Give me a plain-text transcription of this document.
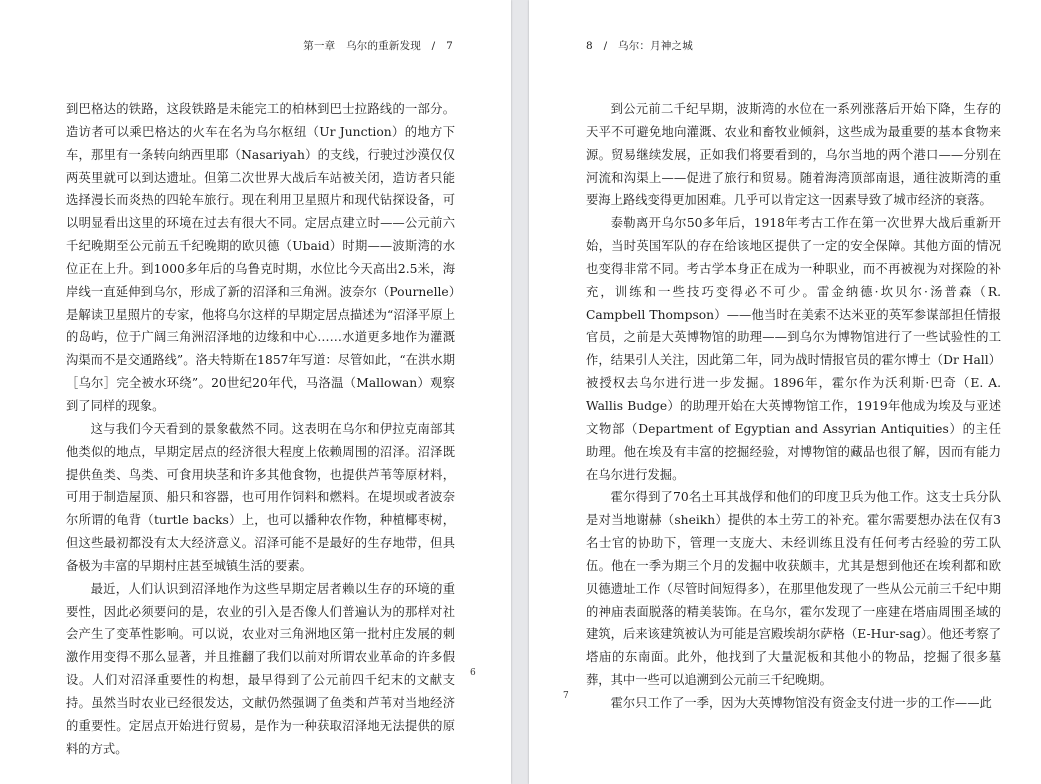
第一章　乌尔的重新发现　/　7

到巴格达的铁路，这段铁路是未能完工的柏林到巴士拉路线的一部分。造访者可以乘巴格达的火车在名为乌尔枢纽（Ur Junction）的地方下车，那里有一条转向纳西里耶（Nasariyah）的支线，行驶过沙漠仅仅两英里就可以到达遗址。但第二次世界大战后车站被关闭，造访者只能选择漫长而炎热的四轮车旅行。现在利用卫星照片和现代钻探设备，可以明显看出这里的环境在过去有很大不同。定居点建立时——公元前六千纪晚期至公元前五千纪晚期的欧贝德（Ubaid）时期——波斯湾的水位正在上升。到1000多年后的乌鲁克时期，水位比今天高出2.5米，海岸线一直延伸到乌尔，形成了新的沼泽和三角洲。波奈尔（Pournelle）是解读卫星照片的专家，他将乌尔这样的早期定居点描述为“沼泽平原上的岛屿，位于广阔三角洲沼泽地的边缘和中心……水道更多地作为灌溉沟渠而不是交通路线”。洛夫特斯在1857年写道：尽管如此，“在洪水期［乌尔］完全被水环绕”。20世纪20年代，马洛温（Mallowan）观察到了同样的现象。

这与我们今天看到的景象截然不同。这表明在乌尔和伊拉克南部其他类似的地点，早期定居点的经济很大程度上依赖周围的沼泽。沼泽既提供鱼类、鸟类、可食用块茎和许多其他食物，也提供芦苇等原材料，可用于制造屋顶、船只和容器，也可用作饲料和燃料。在堤坝或者波奈尔所谓的龟背（turtle backs）上，也可以播种农作物，种植椰枣树，但这些最初都没有太大经济意义。沼泽可能不是最好的生存地带，但具备极为丰富的早期村庄甚至城镇生活的要素。

最近，人们认识到沼泽地作为这些早期定居者赖以生存的环境的重要性，因此必须要问的是，农业的引入是否像人们普遍认为的那样对社会产生了变革性影响。可以说，农业对三角洲地区第一批村庄发展的刺激作用变得不那么显著，并且推翻了我们以前对所谓农业革命的许多假设。人们对沼泽重要性的构想，最早得到了公元前四千纪末的文献支持。虽然当时农业已经很发达，文献仍然强调了鱼类和芦苇对当地经济的重要性。定居点开始进行贸易，是作为一种获取沼泽地无法提供的原料的方式。

6
8　/　乌尔：月神之城

到公元前二千纪早期，波斯湾的水位在一系列涨落后开始下降，生存的天平不可避免地向灌溉、农业和畜牧业倾斜，这些成为最重要的基本食物来源。贸易继续发展，正如我们将要看到的，乌尔当地的两个港口——分别在河流和沟渠上——促进了旅行和贸易。随着海湾顶部南退，通往波斯湾的重要海上路线变得更加困难。几乎可以肯定这一因素导致了城市经济的衰落。

泰勒离开乌尔50多年后，1918年考古工作在第一次世界大战后重新开始，当时英国军队的存在给该地区提供了一定的安全保障。其他方面的情况也变得非常不同。考古学本身正在成为一种职业，而不再被视为对探险的补充，训练和一些技巧变得必不可少。雷金纳德·坎贝尔·汤普森（R. Campbell Thompson）——他当时在美索不达米亚的英军参谋部担任情报官员，之前是大英博物馆的助理——到乌尔为博物馆进行了一些试验性的工作，结果引人关注，因此第二年，同为战时情报官员的霍尔博士（Dr Hall）被授权去乌尔进行进一步发掘。1896年，霍尔作为沃利斯·巴奇（E. A. Wallis Budge）的助理开始在大英博物馆工作，1919年他成为埃及与亚述文物部（Department of Egyptian and Assyrian Antiquities）的主任助理。他在埃及有丰富的挖掘经验，对博物馆的藏品也很了解，因而有能力在乌尔进行发掘。

霍尔得到了70名土耳其战俘和他们的印度卫兵为他工作。这支士兵分队是对当地谢赫（sheikh）提供的本土劳工的补充。霍尔需要想办法在仅有3名士官的协助下，管理一支庞大、未经训练且没有任何考古经验的劳工队伍。他在一季为期三个月的发掘中收获颇丰，尤其是想到他还在埃利都和欧贝德遗址工作（尽管时间短得多），在那里他发现了一些从公元前三千纪中期的神庙表面脱落的精美装饰。在乌尔，霍尔发现了一座建在塔庙周围圣域的建筑，后来该建筑被认为可能是宫殿埃胡尔萨格（E-Hur-sag）。他还考察了塔庙的东南面。此外，他找到了大量泥板和其他小的物品，挖掘了很多墓葬，其中一些可以追溯到公元前三千纪晚期。

霍尔只工作了一季，因为大英博物馆没有资金支付进一步的工作——此

7
